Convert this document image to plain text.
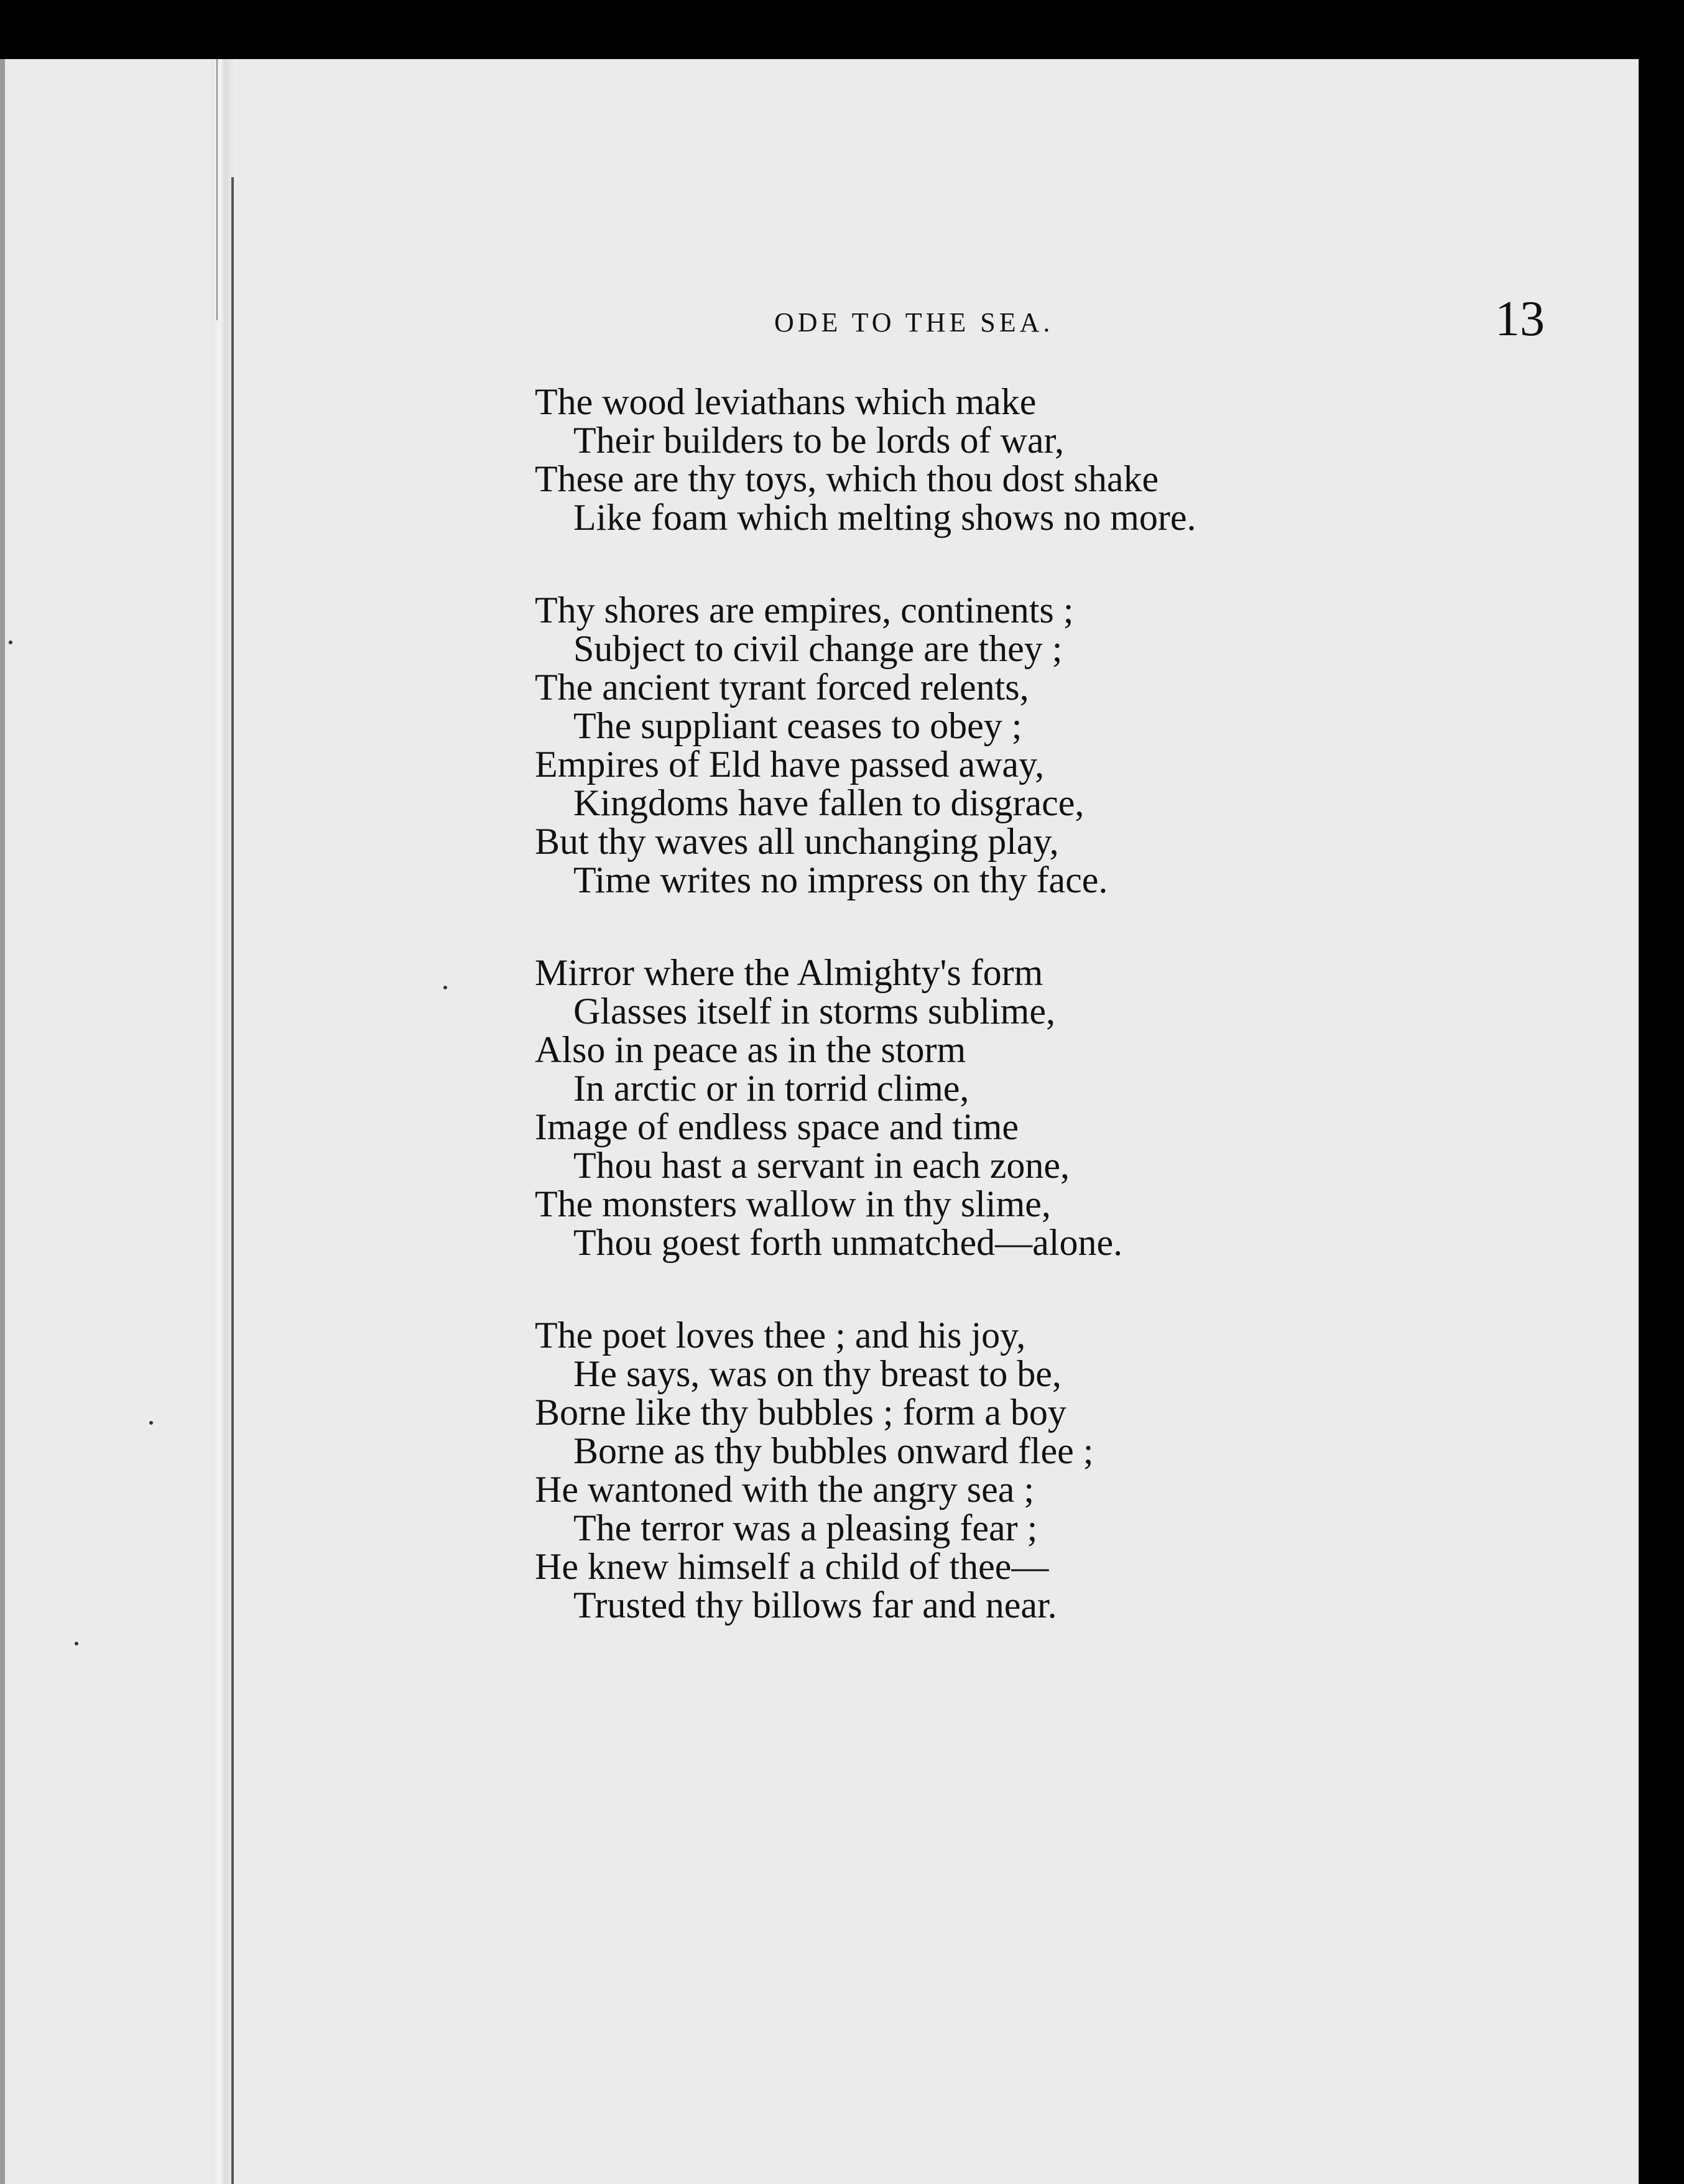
ODE TO THE SEA.	13
The wood leviathans which make
Their builders to be lords of war,
These are thy toys, which thou dost shake
Like foam which melting shows no more.
Thy shores are empires, continents ;
Subject to civil change are they ;
The ancient tyrant forced relents,
The suppliant ceases to obey ;
Empires of Eld have passed away,
Kingdoms have fallen to disgrace,
But thy waves all unchanging play,
Time writes no impress on thy face.
Mirror where the Almighty's form
Glasses itself in storms sublime,
Also in peace as in the storm
In arctic or in torrid clime,
Image of endless space and time
Thou hast a servant in each zone,
The monsters wallow in thy slime,
Thou goest forth unmatched—alone.
The poet loves thee ; and his joy,
He says, was on thy breast to be,
Borne like thy bubbles ; form a boy
Borne as thy bubbles onward flee ;
He wantoned with the angry sea ;
The terror was a pleasing fear ;
He knew himself a child of thee—
Trusted thy billows far and near.
